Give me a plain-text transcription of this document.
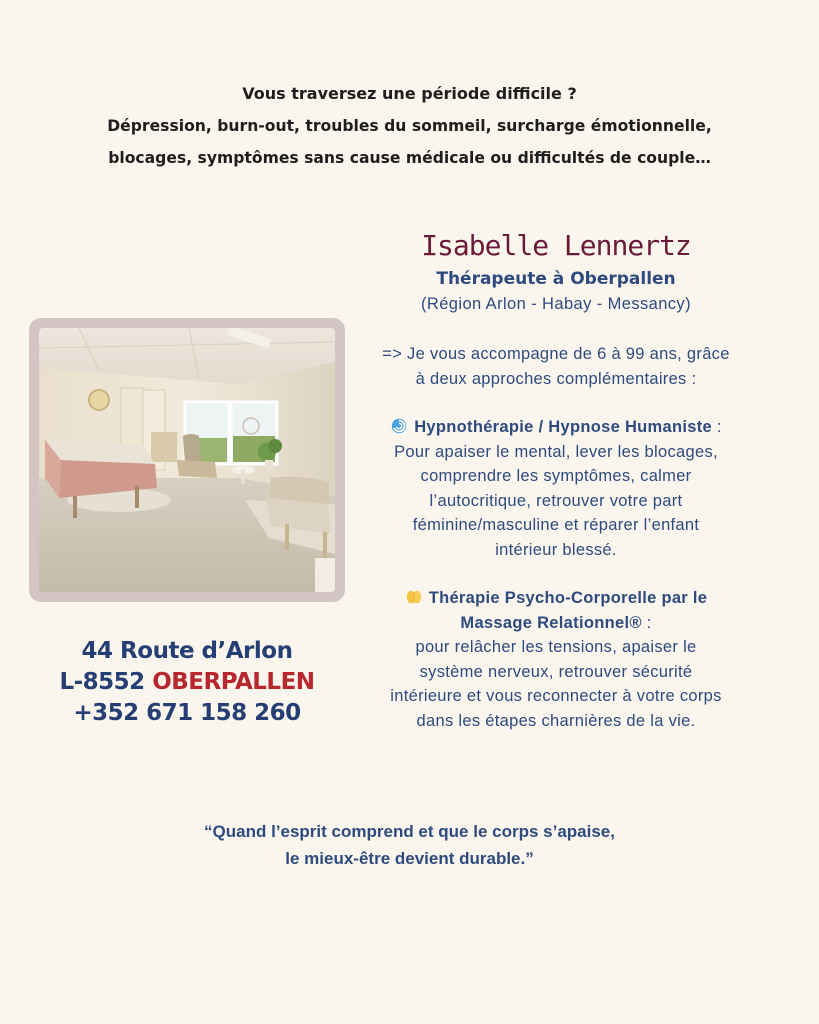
Vous traversez une période difficile ?
Dépression, burn-out, troubles du sommeil, surcharge émotionnelle,
blocages, symptômes sans cause médicale ou difficultés de couple…
Isabelle Lennertz
Thérapeute à Oberpallen
(Région Arlon - Habay - Messancy)
=> Je vous accompagne de 6 à 99 ans, grâce
à deux approches complémentaires :
Hypnothérapie / Hypnose Humaniste :
Pour apaiser le mental, lever les blocages,
comprendre les symptômes, calmer
l’autocritique, retrouver votre part
féminine/masculine et réparer l’enfant
intérieur blessé.
Thérapie Psycho-Corporelle par le
Massage Relationnel® :
pour relâcher les tensions, apaiser le
système nerveux, retrouver sécurité
intérieure et vous reconnecter à votre corps
dans les étapes charnières de la vie.
44 Route d’Arlon
L-8552 OBERPALLEN
+352 671 158 260
“Quand l’esprit comprend et que le corps s’apaise,
le mieux-être devient durable.”
